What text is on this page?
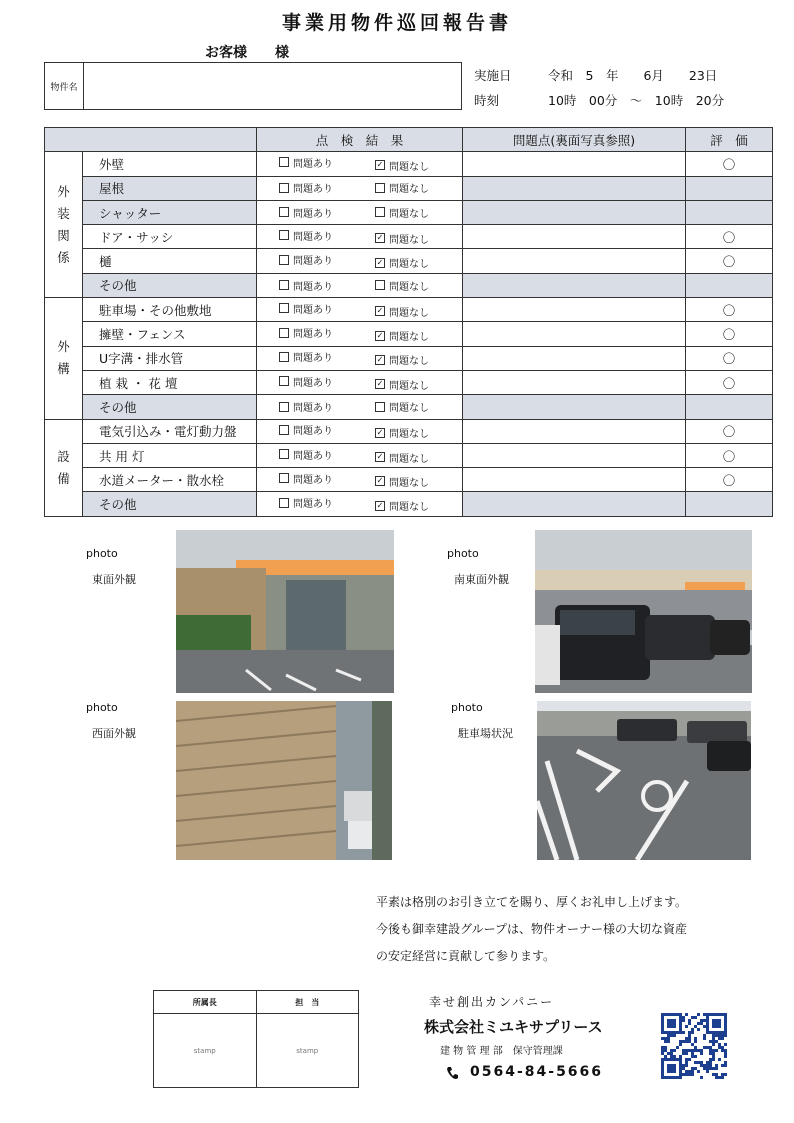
事業用物件巡回報告書
お客様　　様
物件名
実施日	令和　5　年　　6月　　23日
時刻	10時　00分　～　10時　20分
		点　検　結　果	問題点(裏面写真参照)	評　価
外
装
関
係	外壁	問題あり ✓ 問題なし		〇
	屋根	問題あり 問題なし		

	シャッター	問題あり 問題なし		

	ドア・サッシ	問題あり ✓ 問題なし		〇
	樋	問題あり ✓ 問題なし		〇
	その他	問題あり 問題なし		

外
構	駐車場・その他敷地	問題あり ✓ 問題なし		〇
	擁壁・フェンス	問題あり ✓ 問題なし		〇
	U字溝・排水管	問題あり ✓ 問題なし		〇
	植 栽 ・ 花 壇	問題あり ✓ 問題なし		〇
	その他	問題あり 問題なし		

設
備	電気引込み・電灯動力盤	問題あり ✓ 問題なし		〇
	共 用 灯	問題あり ✓ 問題なし		〇
	水道メーター・散水栓	問題あり ✓ 問題なし		〇
	その他	問題あり ✓ 問題なし		

photo
東面外観
photo
南東面外観
photo
西面外観
photo
駐車場状況
平素は格別のお引き立てを賜り、厚くお礼申し上げます。
今後も御幸建設グループは、物件オーナー様の大切な資産
の安定経営に貢献して参ります。
所属長	担　当
stamp	stamp
幸せ創出カンパニー
株式会社ミユキサプリース
建 物 管 理 部　保守管理課
0564-84-5666
